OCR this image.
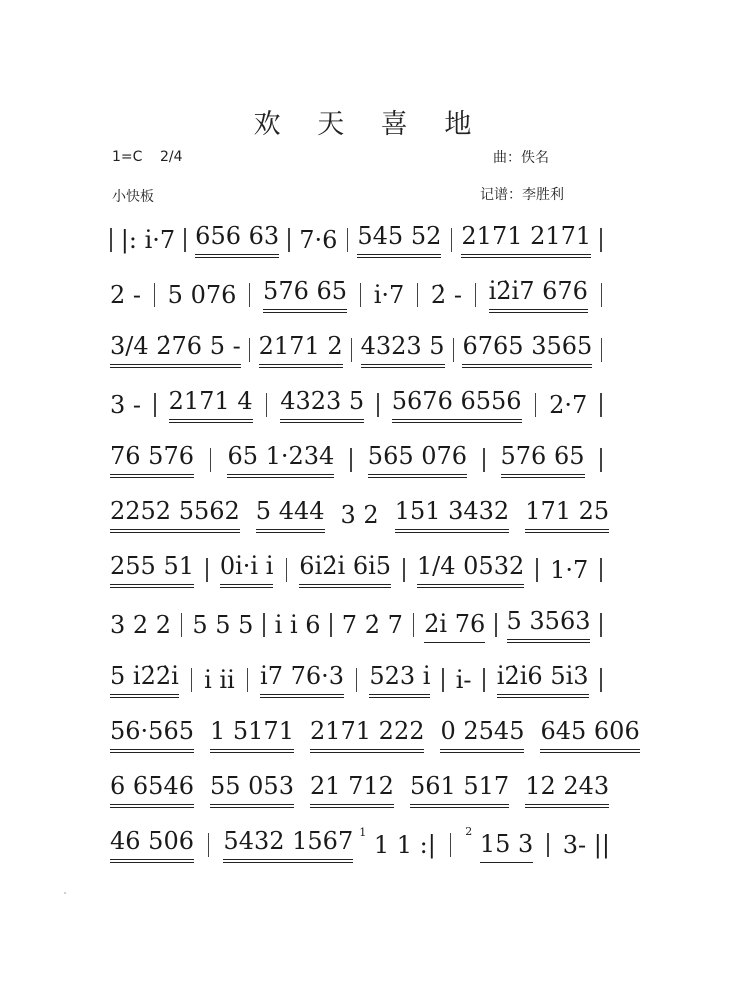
欢 天 喜 地
1=C 2/4
小快板
曲：佚名
记谱：李胜利
|: i̇·7 656 63 7·6 545 52 2171 2171
2 - 5 076 576 65 i̇·7 2̇ - i̇2̇i̇7 676
3/4 2̇76 5 - 2171 2 4323 5 6765 3565
3 - 2171 4 4323 5 5676 6556 2·7
76 576 65 1·234 565 076 576 65
2252 5562 5 444 3 2 151 3432 171 25
255 51 0i̇·i̇ i̇ 6i̇2̇i̇ 6i̇5 1/4 0532 1·7
3 2 2 5 5 5 i̇ i̇ 6 7 2̇ 7 2̇i̇ 76 5 3563
5 i̇2̇2̇i̇ i̇ i̇i̇ i̇7 76·3 523 i̇ i̇- i̇2̇i̇6 5i̇3
56·565 1 5171 2171 222 0 2545 645 606
6 6546 55 053 21 712 561 517 12 243
46 506 5432 1567 $^1$ 1 1 :|	$^2$ 15 3 3- ||
